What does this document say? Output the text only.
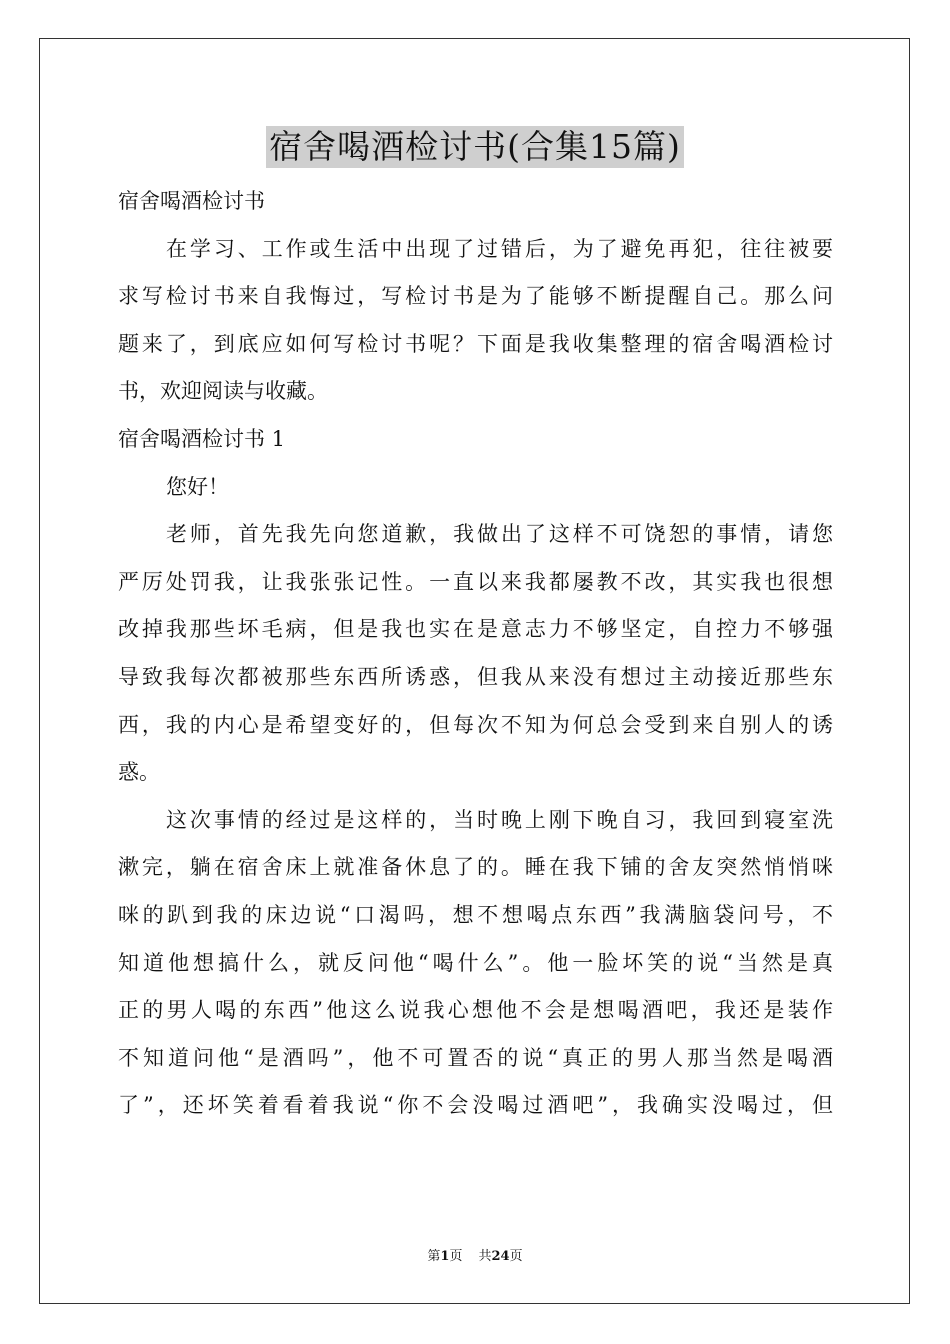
宿舍喝酒检讨书(合集15篇)
宿舍喝酒检讨书
在学习、工作或生活中出现了过错后，为了避免再犯，往往被要
求写检讨书来自我悔过，写检讨书是为了能够不断提醒自己。那么问
题来了，到底应如何写检讨书呢？下面是我收集整理的宿舍喝酒检讨
书，欢迎阅读与收藏。
宿舍喝酒检讨书 1
您好！
老师，首先我先向您道歉，我做出了这样不可饶恕的事情，请您
严厉处罚我，让我张张记性。一直以来我都屡教不改，其实我也很想
改掉我那些坏毛病，但是我也实在是意志力不够坚定，自控力不够强
导致我每次都被那些东西所诱惑，但我从来没有想过主动接近那些东
西，我的内心是希望变好的，但每次不知为何总会受到来自别人的诱
惑。
这次事情的经过是这样的，当时晚上刚下晚自习，我回到寝室洗
漱完，躺在宿舍床上就准备休息了的。睡在我下铺的舍友突然悄悄咪
咪的趴到我的床边说“口渴吗，想不想喝点东西”我满脑袋问号，不
知道他想搞什么，就反问他“喝什么”。他一脸坏笑的说“当然是真
正的男人喝的东西”他这么说我心想他不会是想喝酒吧，我还是装作
不知道问他“是酒吗”，他不可置否的说“真正的男人那当然是喝酒
了”，还坏笑着看着我说“你不会没喝过酒吧”，我确实没喝过，但
第1页 共24页
